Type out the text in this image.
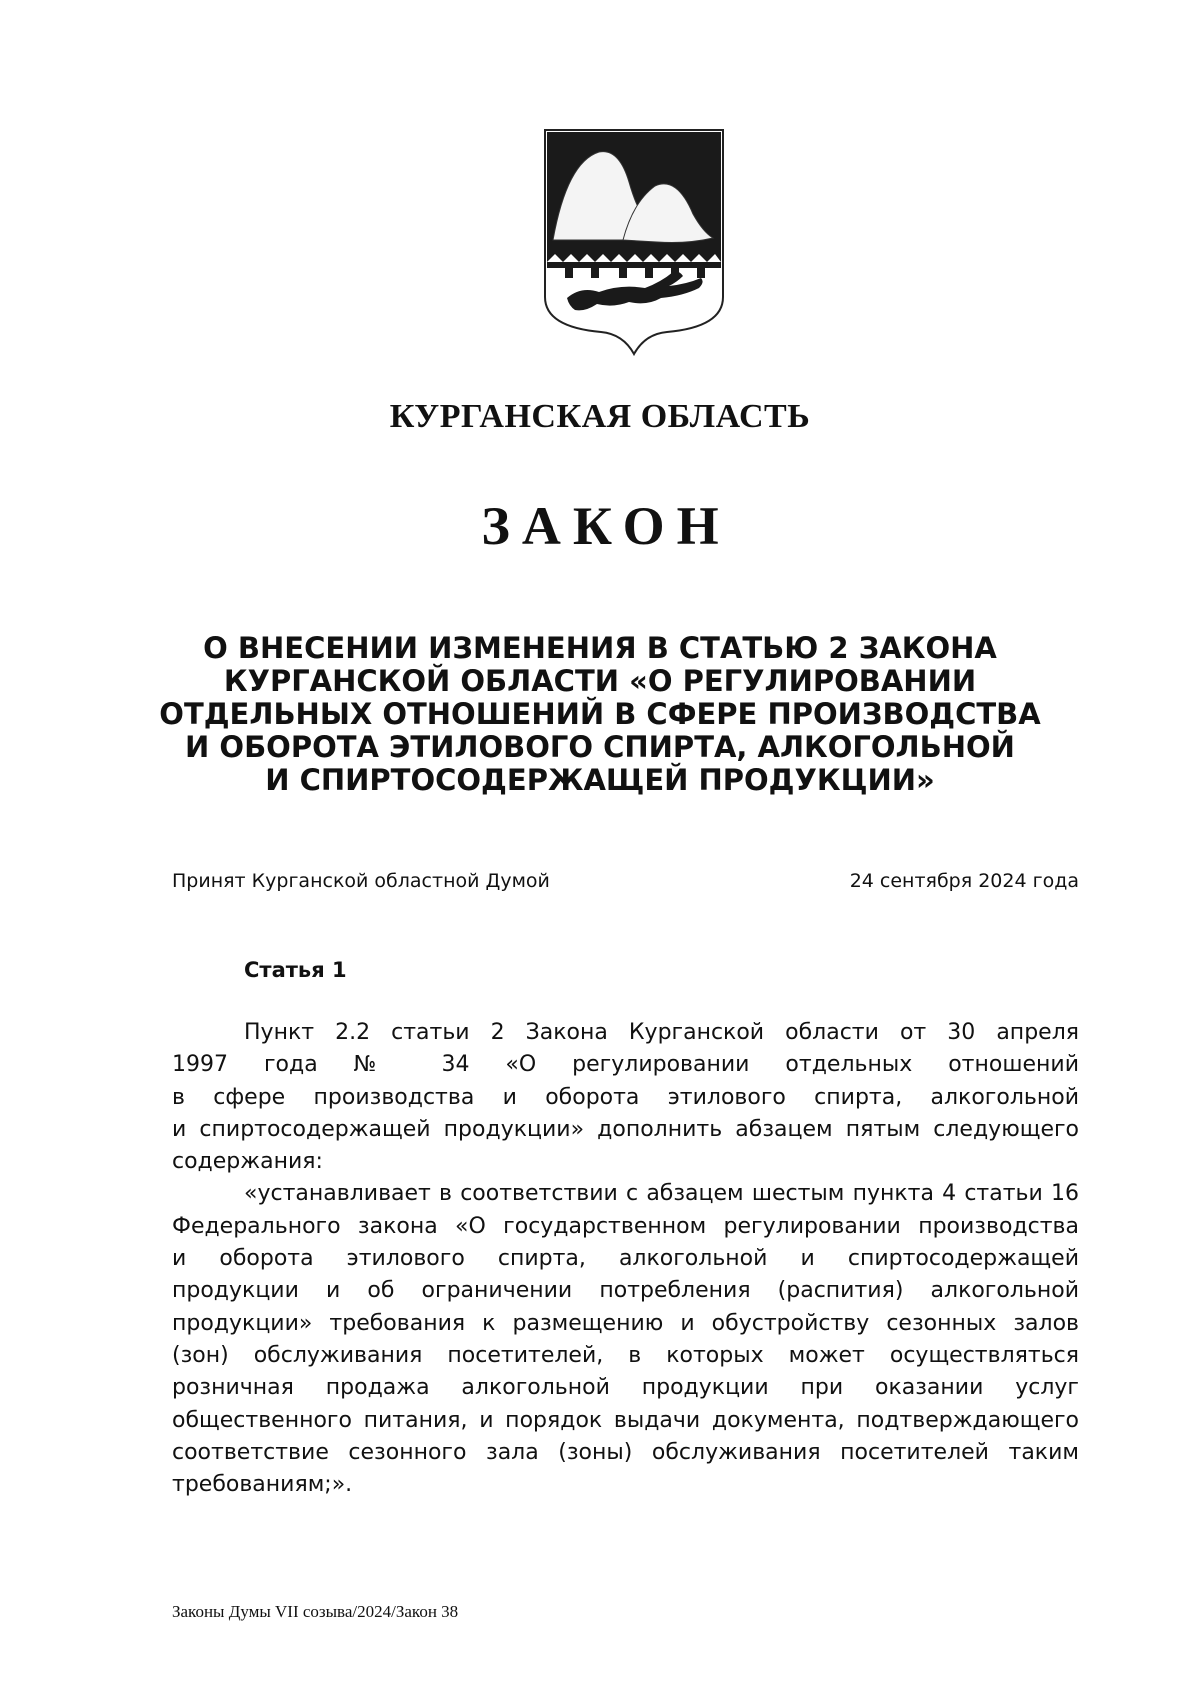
КУРГАНСКАЯ ОБЛАСТЬ
ЗАКОН
О ВНЕСЕНИИ ИЗМЕНЕНИЯ В СТАТЬЮ 2 ЗАКОНА
КУРГАНСКОЙ ОБЛАСТИ «О РЕГУЛИРОВАНИИ
ОТДЕЛЬНЫХ ОТНОШЕНИЙ В СФЕРЕ ПРОИЗВОДСТВА
И ОБОРОТА ЭТИЛОВОГО СПИРТА, АЛКОГОЛЬНОЙ
И СПИРТОСОДЕРЖАЩЕЙ ПРОДУКЦИИ»

Принят Курганской областной Думой	24 сентября 2024 года

Статья 1
Пункт 2.2 статьи 2 Закона Курганской области от 30 апреля
1997 года № 34 «О регулировании отдельных отношений
в сфере производства и оборота этилового спирта, алкогольной
и спиртосодержащей продукции» дополнить абзацем пятым следующего
содержания:
«устанавливает в соответствии с абзацем шестым пункта 4 статьи 16
Федерального закона «О государственном регулировании производства
и оборота этилового спирта, алкогольной и спиртосодержащей
продукции и об ограничении потребления (распития) алкогольной
продукции» требования к размещению и обустройству сезонных залов
(зон) обслуживания посетителей, в которых может осуществляться
розничная продажа алкогольной продукции при оказании услуг
общественного питания, и порядок выдачи документа, подтверждающего
соответствие сезонного зала (зоны) обслуживания посетителей таким
требованиям;».

Законы Думы VII созыва/2024/Закон 38
